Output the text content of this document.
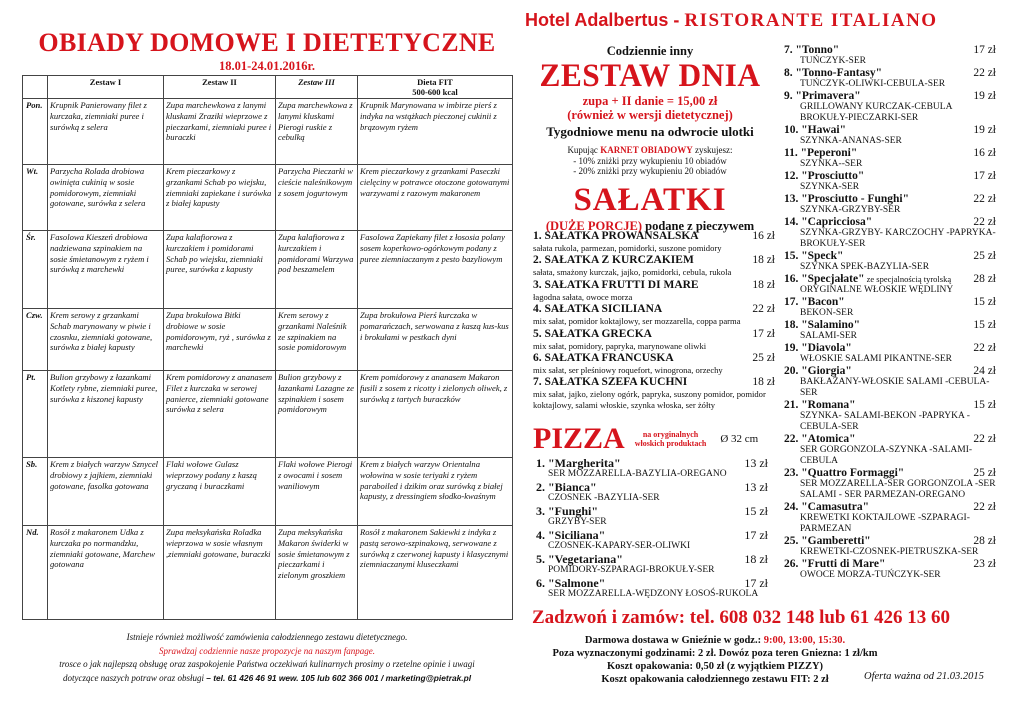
OBIADY DOMOWE I DIETETYCZNE
18.01-24.01.2016r.
	Zestaw I	Zestaw II	Zestaw III	Dieta FIT
500-600 kcal

Pon.	Krupnik Panierowany filet z kurczaka, ziemniaki puree i surówką z selera	Zupa marchewkowa z lanymi kluskami Zraziki wieprzowe z pieczarkami, ziemniaki puree i buraczki	Zupa marchewkowa z lanymi kluskami Pierogi ruskie z cebulką	Krupnik Marynowana w imbirze pierś z indyka na wstążkach pieczonej cukinii z brązowym ryżem
Wt.	Parzycha Rolada drobiowa owinięta cukinią w sosie pomidorowym, ziemniaki gotowane, surówka z selera	Krem pieczarkowy z grzankami Schab po wiejsku, ziemniaki zapiekane i surówka z białej kapusty	Parzycha Pieczarki w cieście naleśnikowym z sosem jogurtowym	Krem pieczarkowy z grzankami Paseczki cielęciny w potrawce otoczone gotowanymi warzywami z razowym makaronem
Śr.	Fasolowa Kieszeń drobiowa nadziewana szpinakiem na sosie śmietanowym z ryżem i surówką z marchewki	Zupa kalafiorowa z kurczakiem i pomidorami Schab po wiejsku, ziemniaki puree, surówka z kapusty	Zupa kalafiorowa z kurczakiem i pomidorami Warzywa pod beszamelem	Fasolowa Zapiekany filet z łososia polany sosem koperkowo-ogórkowym podany z puree ziemniaczanym z pesto bazyliowym
Czw.	Krem serowy z grzankami Schab marynowany w piwie i czosnku, ziemniaki gotowane, surówka z białej kapusty	Zupa brokułowa Bitki drobiowe w sosie pomidorowym, ryż , surówka z marchewki	Krem serowy z grzankami Naleśnik ze szpinakiem na sosie pomidorowym	Zupa brokułowa Pierś kurczaka w pomarańczach, serwowana z kaszą kus-kus i brokułami w pestkach dyni
Pt.	Bulion grzybowy z łazankami Kotlety rybne, ziemniaki puree, surówka z kiszonej kapusty	Krem pomidorowy z ananasem Filet z kurczaka w serowej panierce, ziemniaki gotowane surówka z selera	Bulion grzybowy z łazankami Lazagne ze szpinakiem i sosem pomidorowym	Krem pomidorowy z ananasem Makaron fusili z sosem z ricotty i zielonych oliwek, z surówką z tartych buraczków
Sb.	Krem z białych warzyw Sznycel drobiowy z jajkiem, ziemniaki gotowane, fasolka gotowana	Flaki wołowe Gulasz wieprzowy podany z kaszą gryczaną i buraczkami	Flaki wołowe Pierogi z owocami i sosem waniliowym	Krem z białych warzyw Orientalna wołowina w sosie teriyaki z ryżem paraboiled i dzikim oraz surówką z białej kapusty, z dressingiem słodko-kwaśnym
Nd.	Rosół z makaronem Udka z kurczaka po normandzku, ziemniaki gotowane, Marchew gotowana	Zupa meksykańska Roladka wieprzowa w sosie własnym ,ziemniaki gotowane, buraczki	Zupa meksykańska Makaron świderki w sosie śmietanowym z pieczarkami i zielonym groszkiem	Rosół z makaronem Sakiewki z indyka z pastą serowo-szpinakową, serwowane z surówką z czerwonej kapusty i klasycznymi ziemniaczanymi kluseczkami
Istnieje również możliwość zamówienia całodziennego zestawu dietetycznego.
Sprawdzaj codziennie nasze propozycje na naszym fanpage.
trosce o jak najlepszą obsługę oraz zaspokojenie Państwa oczekiwań kulinarnych prosimy o rzetelne opinie i uwagi
dotyczące naszych potraw oraz obsługi – tel. 61 426 46 91 wew. 105 lub 602 366 001 / marketing@pietrak.pl
Hotel Adalbertus - RISTORANTE ITALIANO
Codziennie inny
ZESTAW DNIA
zupa + II danie = 15,00 zł
(również w wersji dietetycznej)
Tygodniowe menu na odwrocie ulotki
Kupując KARNET OBIADOWY zyskujesz:
- 10% zniżki przy wykupieniu 10 obiadów
- 20% zniżki przy wykupieniu 20 obiadów
SAŁATKI
(DUŻE PORCJE) podane z pieczywem
1. SAŁATKA PROWANSALSKA	16 zł
sałata rukola, parmezan, pomidorki, suszone pomidory
2. SAŁATKA Z KURCZAKIEM	18 zł
sałata, smażony kurczak, jajko, pomidorki, cebula, rukola
3. SAŁATKA FRUTTI DI MARE	18 zł
łagodna sałata, owoce morza
4. SAŁATKA SICILIANA	22 zł
mix sałat, pomidor koktajlowy, ser mozzarella, coppa parma
5. SAŁATKA GRECKA	17 zł
mix sałat, pomidory, papryka, marynowane oliwki
6. SAŁATKA FRANCUSKA	25 zł
mix sałat, ser pleśniowy roquefort, winogrona, orzechy
7. SAŁATKA SZEFA KUCHNI	18 zł
mix sałat, jajko, zielony ogórk, papryka, suszony pomidor, pomidor koktajlowy, salami włoskie, szynka włoska, ser żółty
PIZZA	na oryginalnych
włoskich produktach Ø 32 cm
1. "Margherita"	13 zł
SER MOZZARELLA-BAZYLIA-OREGANO
2. "Bianca"	13 zł
CZOSNEK -BAZYLIA-SER
3. "Funghi"	15 zł
GRZYBY-SER
4. "Siciliana"	17 zł
CZOSNEK-KAPARY-SER-OLIWKI
5. "Vegetariana"	18 zł
POMIDORY-SZPARAGI-BROKUŁY-SER
6. "Salmone"	17 zł
SER MOZZARELLA-WĘDZONY ŁOSOŚ-RUKOLA
7. "Tonno"	17 zł
TUŃCZYK-SER
8. "Tonno-Fantasy"	22 zł
TUŃCZYK-OLIWKI-CEBULA-SER
9. "Primavera"	19 zł
GRILLOWANY KURCZAK-CEBULA BROKUŁY-PIECZARKI-SER
10. "Hawai"	19 zł
SZYNKA-ANANAS-SER
11. "Peperoni"	16 zł
SZYNKA--SER
12. "Prosciutto"	17 zł
SZYNKA-SER
13. "Prosciutto - Funghi"	22 zł
SZYNKA-GRZYBY-SER
14. "Capricciosa"	22 zł
SZYNKA-GRZYBY- KARCZOCHY -PAPRYKA-BROKUŁY-SER
15. "Speck"	25 zł
SZYNKA SPEK-BAZYLIA-SER
16. "Specjałate" ze specjalnością tyrolską 28 zł
ORYGINALNE WŁOSKIE WĘDLINY
17. "Bacon"	15 zł
BEKON-SER
18. "Salamino"	15 zł
SALAMI-SER
19. "Diavola"	22 zł
WŁOSKIE SALAMI PIKANTNE-SER
20. "Giorgia"	24 zł
BAKŁAŻANY-WŁOSKIE SALAMI -CEBULA-SER
21. "Romana"	15 zł
SZYNKA- SALAMI-BEKON -PAPRYKA -CEBULA-SER
22. "Atomica"	22 zł
SER GORGONZOLA-SZYNKA -SALAMI-CEBULA
23. "Quattro Formaggi"	25 zł
SER MOZZARELLA-SER GORGONZOLA -SER SALAMI - SER PARMEZAN-OREGANO
24. "Camasutra"	22 zł
KREWETKI KOKTAJLOWE -SZPARAGI- PARMEZAN
25. "Gamberetti"	28 zł
KREWETKI-CZOSNEK-PIETRUSZKA-SER
26. "Frutti di Mare"	23 zł
OWOCE MORZA-TUŃCZYK-SER
Zadzwoń i zamów: tel. 608 032 148 lub 61 426 13 60
Darmowa dostawa w Gnieźnie w godz.: 9:00, 13:00, 15:30.
Poza wyznaczonymi godzinami: 2 zł. Dowóz poza teren Gniezna: 1 zł/km
Koszt opakowania: 0,50 zł (z wyjątkiem PIZZY)
Koszt opakowania całodziennego zestawu FIT: 2 zł	Oferta ważna od 21.03.2015
